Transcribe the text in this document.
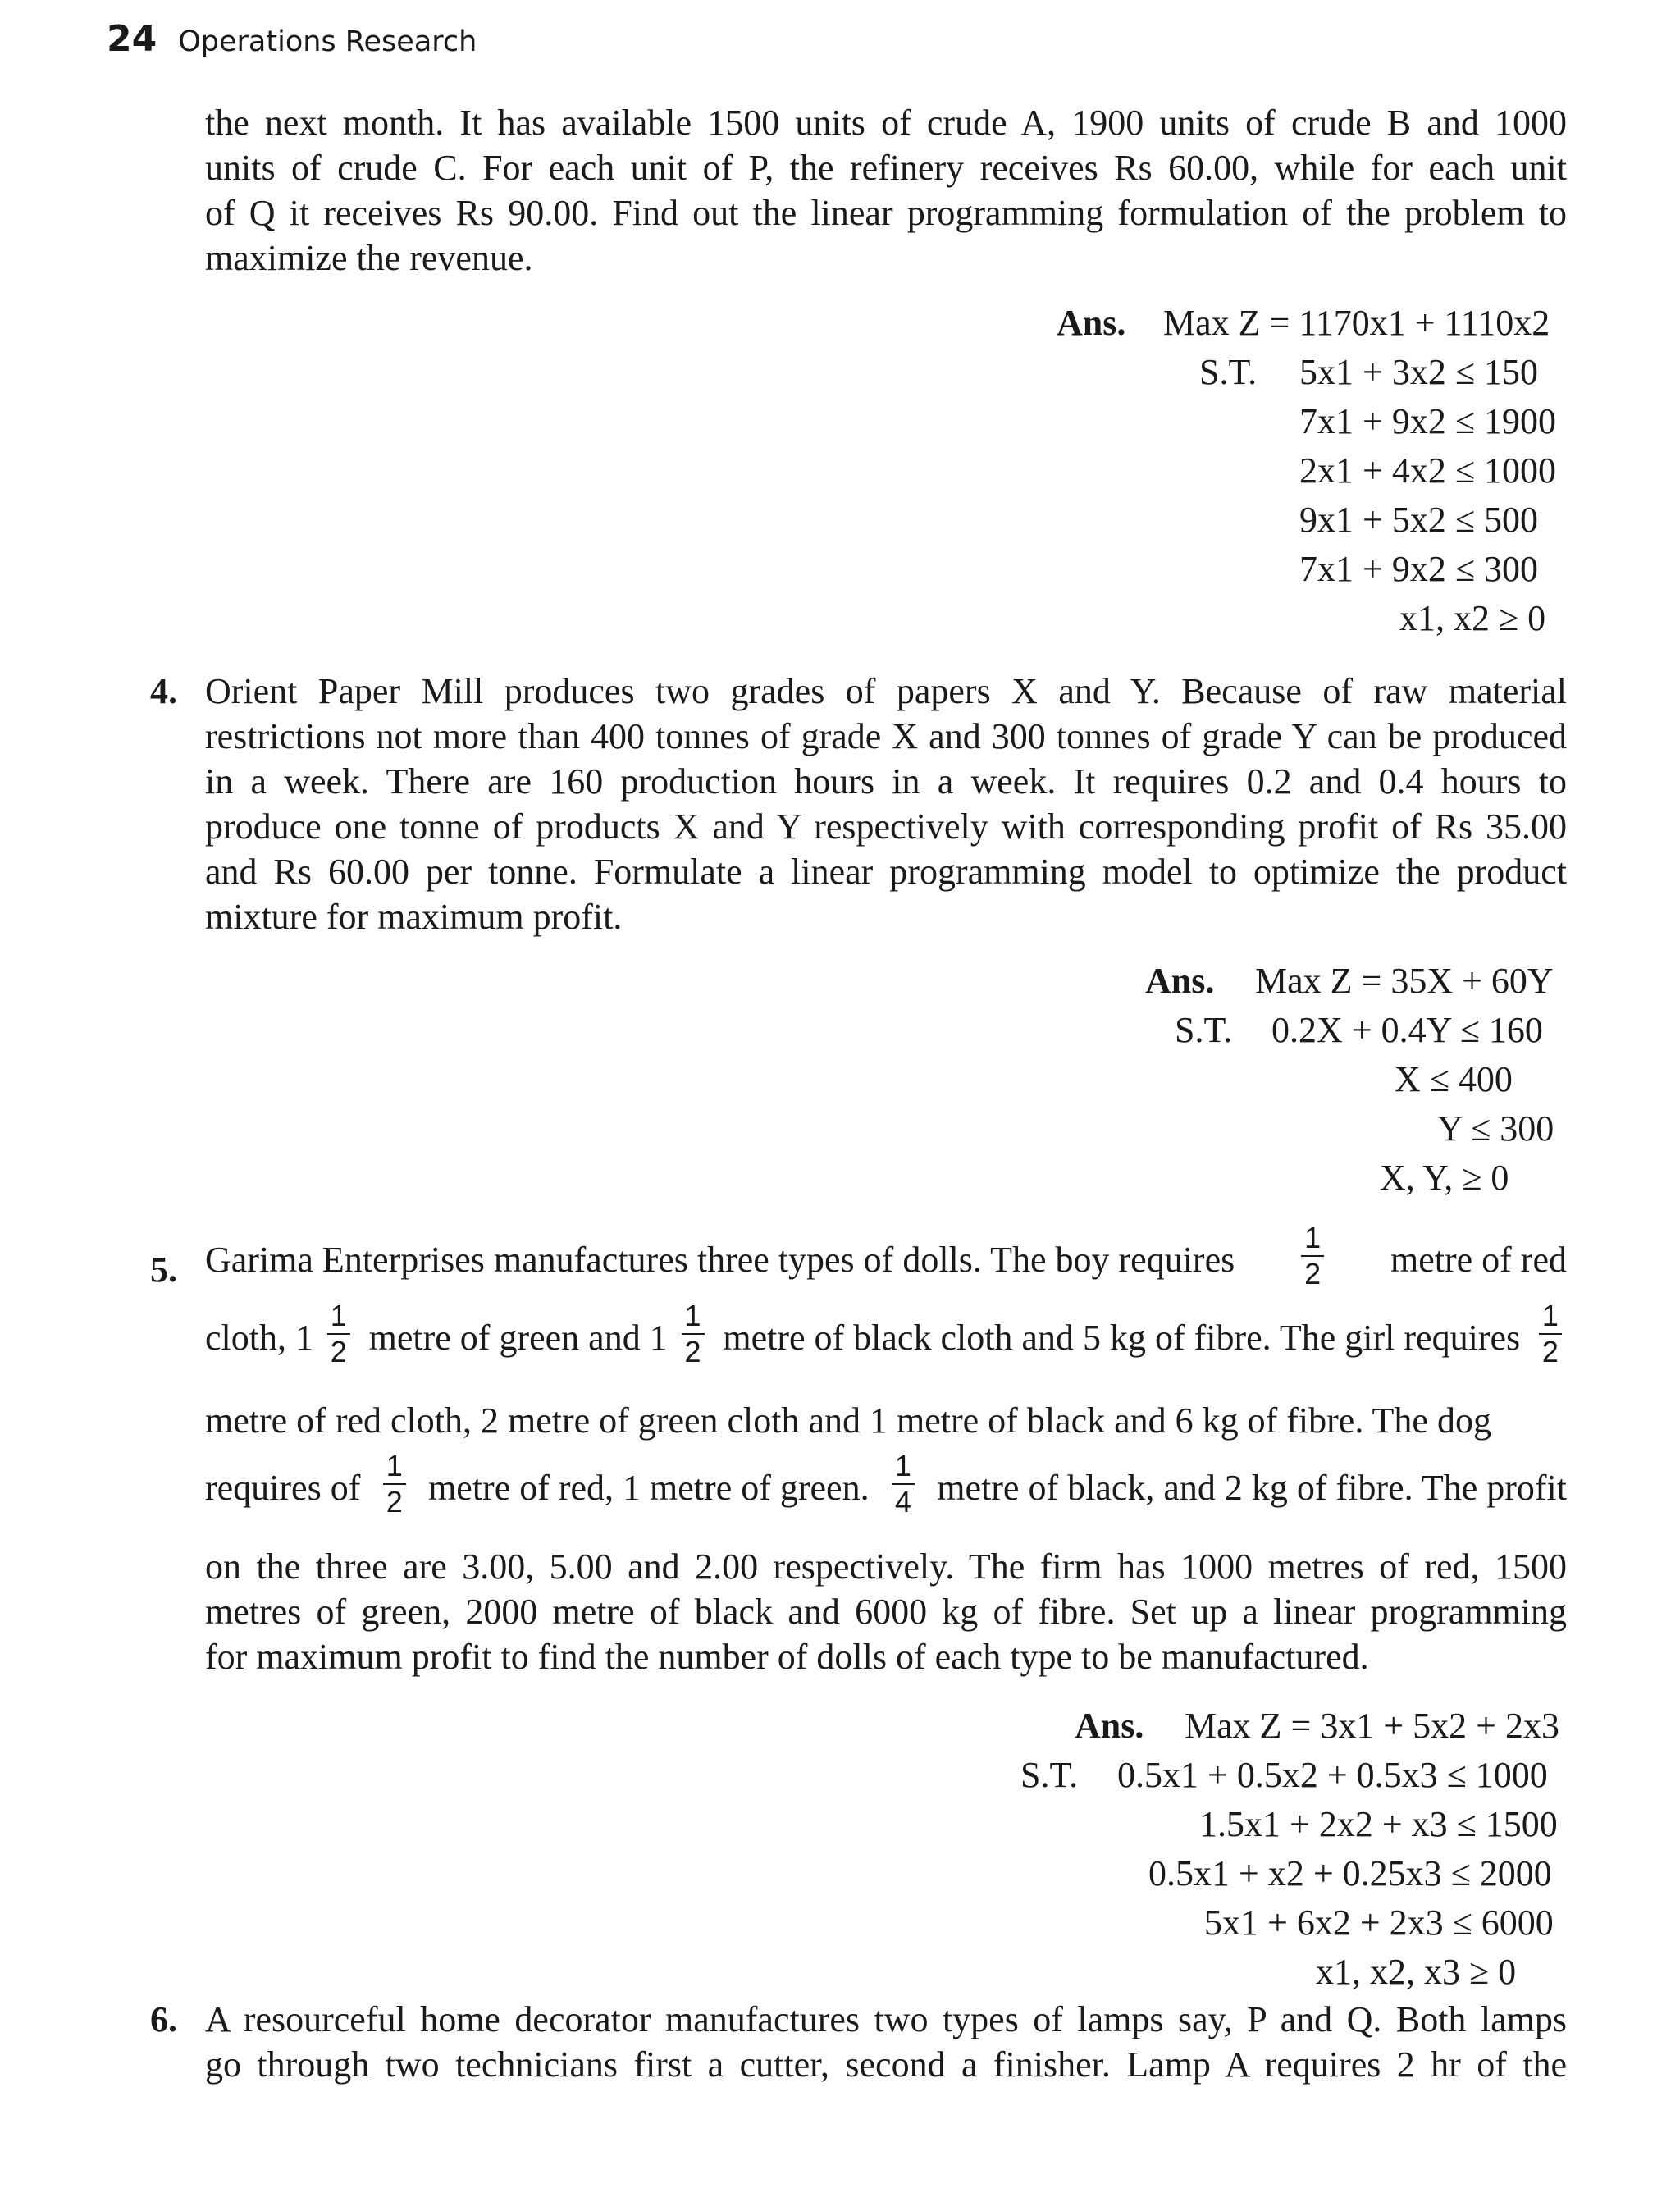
24 Operations Research
the next month. It has available 1500 units of crude A, 1900 units of crude B and 1000
units of crude C. For each unit of P, the refinery receives Rs 60.00, while for each unit
of Q it receives Rs 90.00. Find out the linear programming formulation of the problem to
maximize the revenue.
Ans. Max Z = 1170x1 + 1110x2
S.T. 5x1 + 3x2 ≤ 150
7x1 + 9x2 ≤ 1900
2x1 + 4x2 ≤ 1000
9x1 + 5x2 ≤ 500
7x1 + 9x2 ≤ 300
x1, x2 ≥ 0
4. Orient Paper Mill produces two grades of papers X and Y. Because of raw material
restrictions not more than 400 tonnes of grade X and 300 tonnes of grade Y can be produced
in a week. There are 160 production hours in a week. It requires 0.2 and 0.4 hours to
produce one tonne of products X and Y respectively with corresponding profit of Rs 35.00
and Rs 60.00 per tonne. Formulate a linear programming model to optimize the product
mixture for maximum profit.
Ans. Max Z = 35X + 60Y
S.T. 0.2X + 0.4Y ≤ 160
X ≤ 400
Y ≤ 300
X, Y, ≥ 0
5. Garima Enterprises manufactures three types of dolls. The boy requires $\frac{1}{2}$ metre of red
cloth, $1 \frac{1}{2}$ metre of green and $1 \frac{1}{2}$ metre of black cloth and 5 kg of fibre. The girl requires $\frac{1}{2}$
metre of red cloth, 2 metre of green cloth and 1 metre of black and 6 kg of fibre. The dog
requires of $\frac{1}{2}$ metre of red, 1 metre of green. $\frac{1}{4}$ metre of black, and 2 kg of fibre. The profit
on the three are 3.00, 5.00 and 2.00 respectively. The firm has 1000 metres of red, 1500
metres of green, 2000 metre of black and 6000 kg of fibre. Set up a linear programming
for maximum profit to find the number of dolls of each type to be manufactured.
Ans. Max Z = 3x1 + 5x2 + 2x3
S.T. 0.5x1 + 0.5x2 + 0.5x3 ≤ 1000
1.5x1 + 2x2 + x3 ≤ 1500
0.5x1 + x2 + 0.25x3 ≤ 2000
5x1 + 6x2 + 2x3 ≤ 6000
x1, x2, x3 ≥ 0
6. A resourceful home decorator manufactures two types of lamps say, P and Q. Both lamps
go through two technicians first a cutter, second a finisher. Lamp A requires 2 hr of the
